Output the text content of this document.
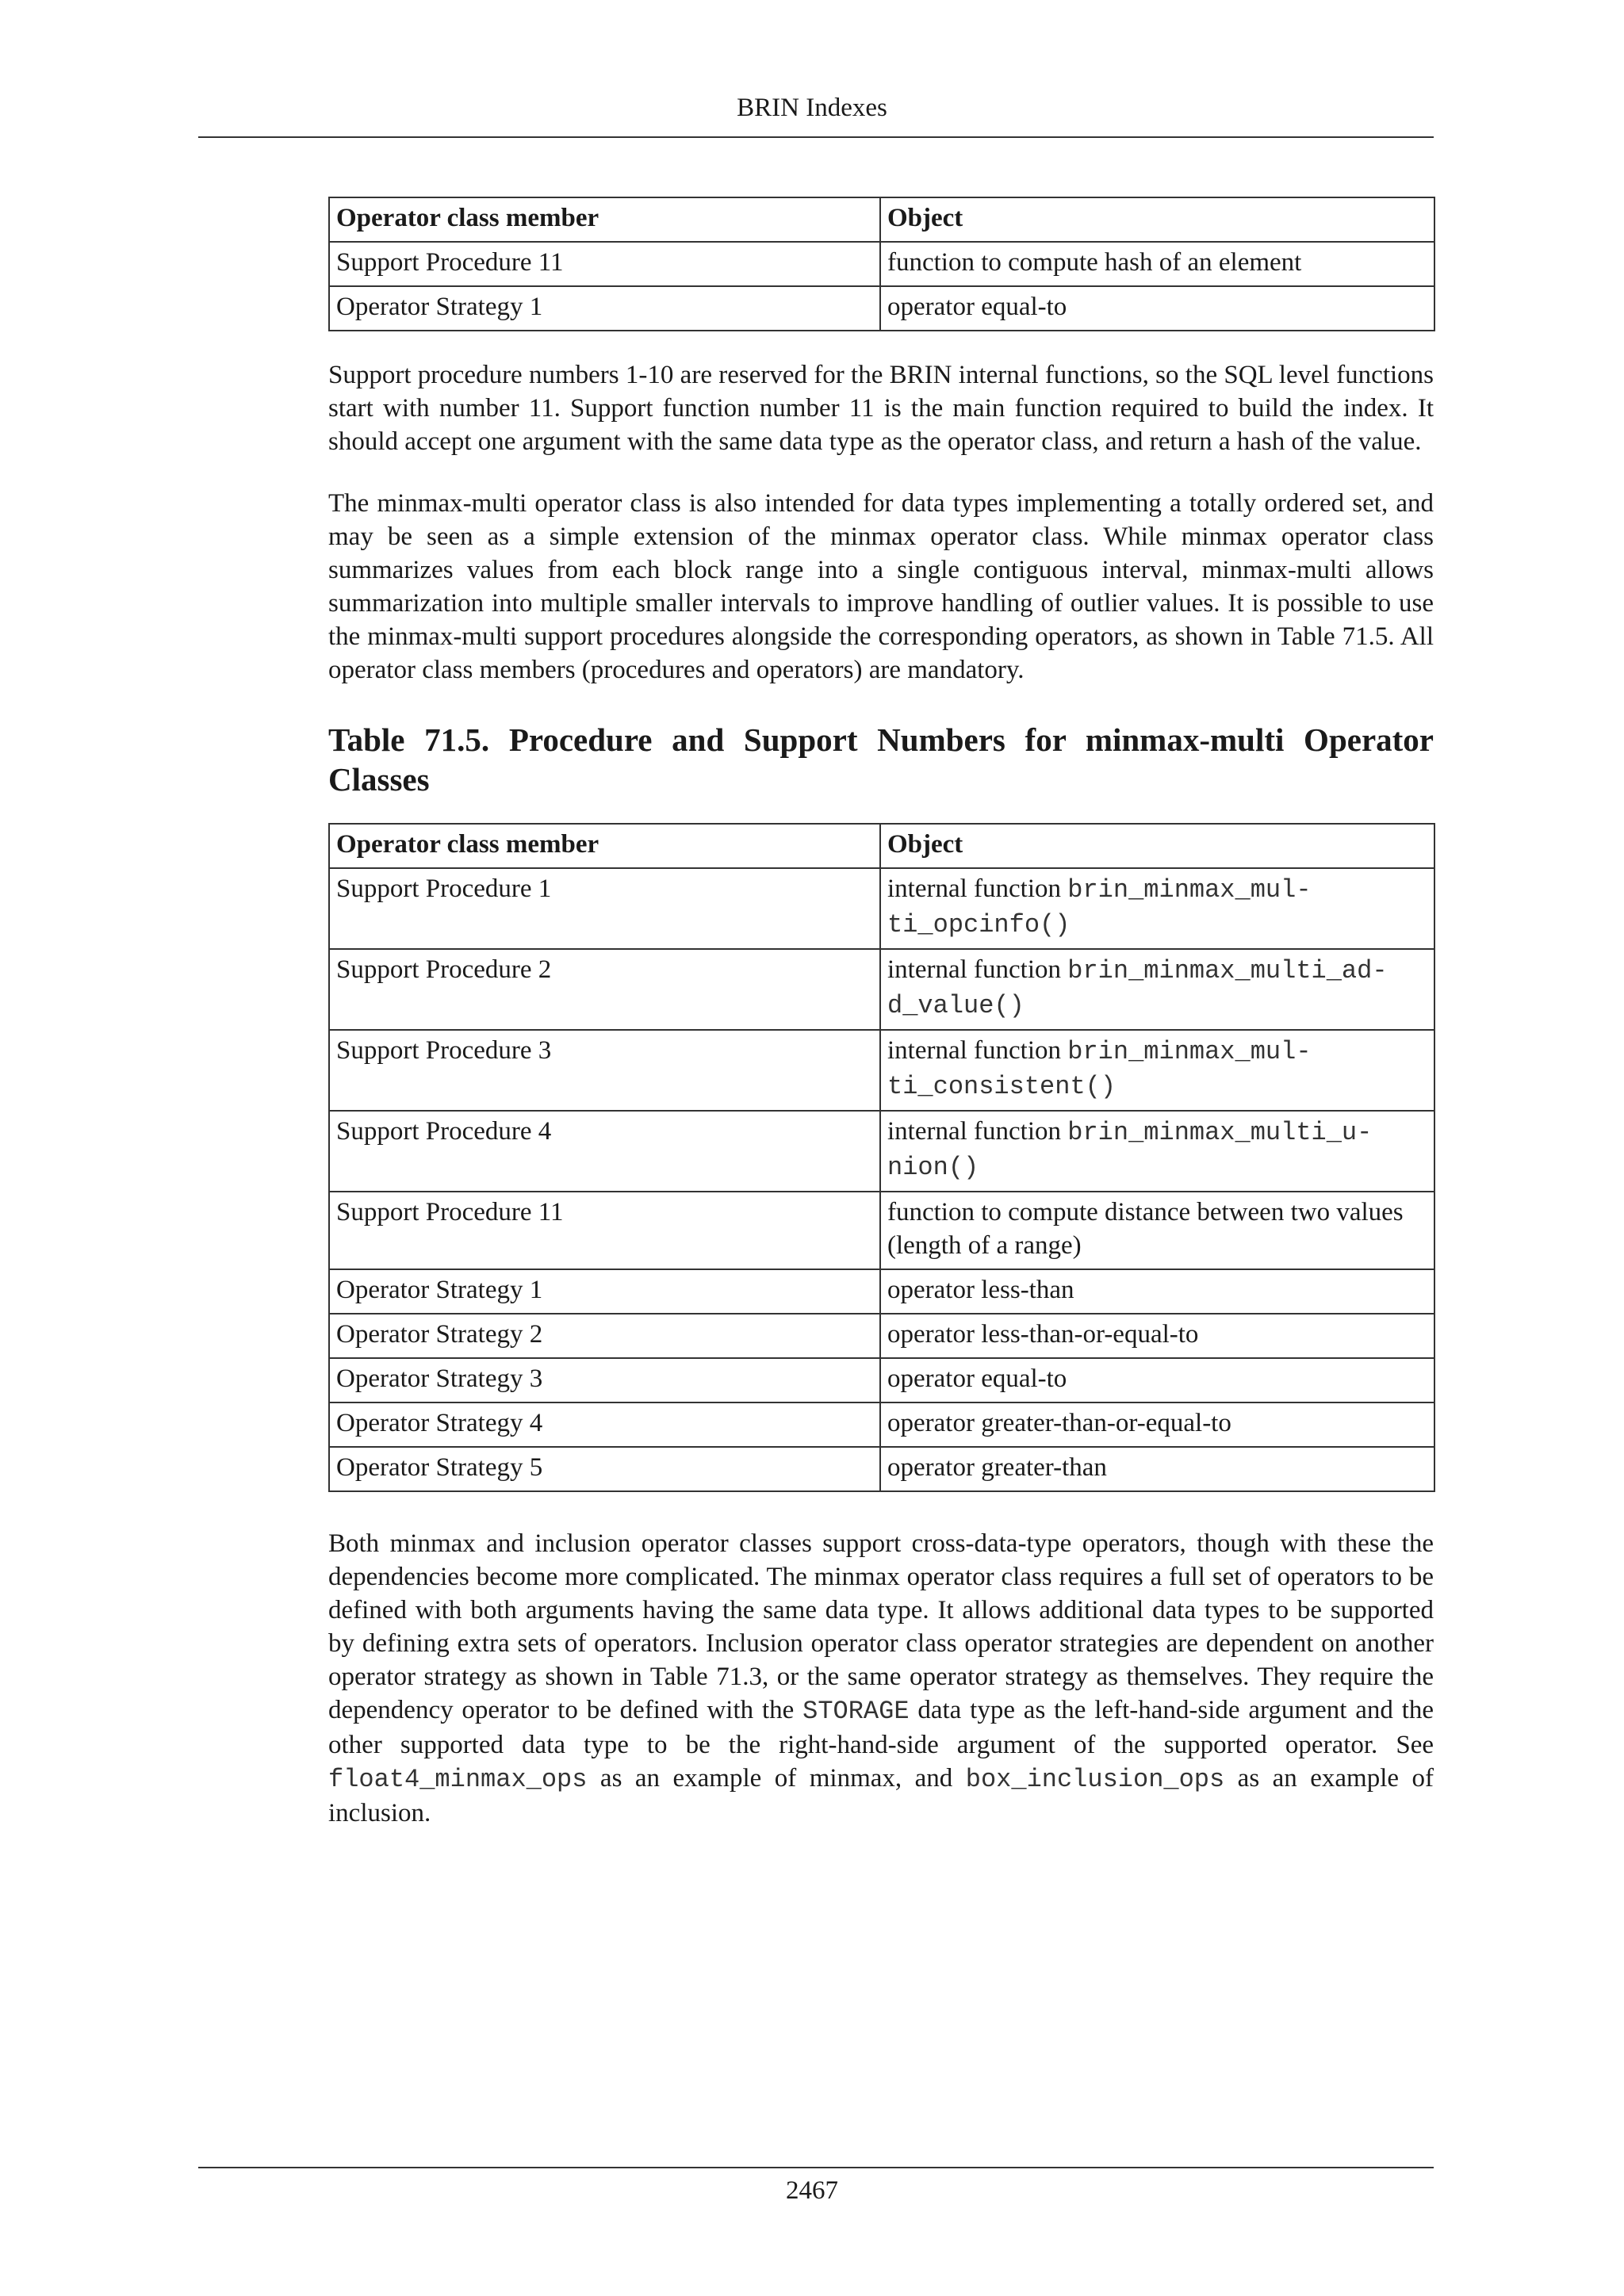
BRIN Indexes
Operator class member	Object
Support Procedure 11	function to compute hash of an element
Operator Strategy 1	operator equal-to

Support procedure numbers 1-10 are reserved for the BRIN internal functions, so the SQL level functions start with number 11. Support function number 11 is the main function required to build the index. It should accept one argument with the same data type as the operator class, and return a hash of the value.

The minmax-multi operator class is also intended for data types implementing a totally ordered set, and may be seen as a simple extension of the minmax operator class. While minmax operator class summarizes values from each block range into a single contiguous interval, minmax-multi allows summarization into multiple smaller intervals to improve handling of outlier values. It is possible to use the minmax-multi support procedures alongside the corresponding operators, as shown in Table 71.5. All operator class members (procedures and operators) are mandatory.

Table 71.5. Procedure and Support Numbers for minmax-multi Operator Classes
Operator class member	Object
Support Procedure 1	internal function brin_minmax_mul-
ti_opcinfo()
Support Procedure 2	internal function brin_minmax_multi_ad-
d_value()
Support Procedure 3	internal function brin_minmax_mul-
ti_consistent()
Support Procedure 4	internal function brin_minmax_multi_u-
nion()
Support Procedure 11	function to compute distance between two values (length of a range)
Operator Strategy 1	operator less-than
Operator Strategy 2	operator less-than-or-equal-to
Operator Strategy 3	operator equal-to
Operator Strategy 4	operator greater-than-or-equal-to
Operator Strategy 5	operator greater-than

Both minmax and inclusion operator classes support cross-data-type operators, though with these the dependencies become more complicated. The minmax operator class requires a full set of operators to be defined with both arguments having the same data type. It allows additional data types to be supported by defining extra sets of operators. Inclusion operator class operator strategies are dependent on another operator strategy as shown in Table 71.3, or the same operator strategy as themselves. They require the dependency operator to be defined with the STORAGE data type as the left-hand-side argument and the other supported data type to be the right-hand-side argument of the supported operator. See float4_minmax_ops as an example of minmax, and box_inclusion_ops as an example of inclusion.

2467
